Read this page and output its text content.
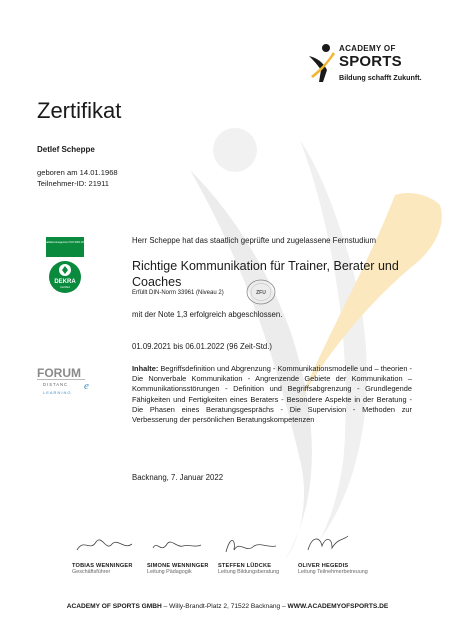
ACADEMY OF
SPORTS
Bildung schafft Zukunft.
Zertifikat
Detlef Scheppe
geboren am 14.01.1968
Teilnehmer-ID: 21911
Qualitätsmanagement ISO 9001:2008
DEKRA
Certified
Herr Scheppe hat das staatlich geprüfte und zugelassene Fernstudium
Richtige Kommunikation für Trainer, Berater und
Coaches
Erfüllt DIN-Norm 33961 (Niveau 2)	ZFU
mit der Note 1,3 erfolgreich abgeschlossen.
01.09.2021 bis 06.01.2022 (96 Zeit-Std.)
FORUM
DISTANC e
LEARNING
Inhalte: Begriffsdefinition und Abgrenzung - Kommunikationsmodelle und – theorien - Die Nonverbale Kommunikation - Angrenzende Gebiete der Kommunikation – Kommunikationsstörungen - Definition und Begriffsabgrenzung - Grundlegende Fähigkeiten und Fertigkeiten eines Beraters - Besondere Aspekte in der Beratung - Die Phasen eines Beratungsgesprächs - Die Supervision - Methoden zur Verbesserung der persönlichen Beratungskompetenzen
Backnang, 7. Januar 2022
TOBIAS WENNINGER
Geschäftsführer
SIMONE WENNINGER
Leitung Pädagogik
STEFFEN LÜDCKE
Leitung Bildungsberatung
OLIVER HEGEDIS
Leitung Teilnehmerbetreuung
ACADEMY OF SPORTS GMBH – Willy-Brandt-Platz 2, 71522 Backnang – WWW.ACADEMYOFSPORTS.DE
